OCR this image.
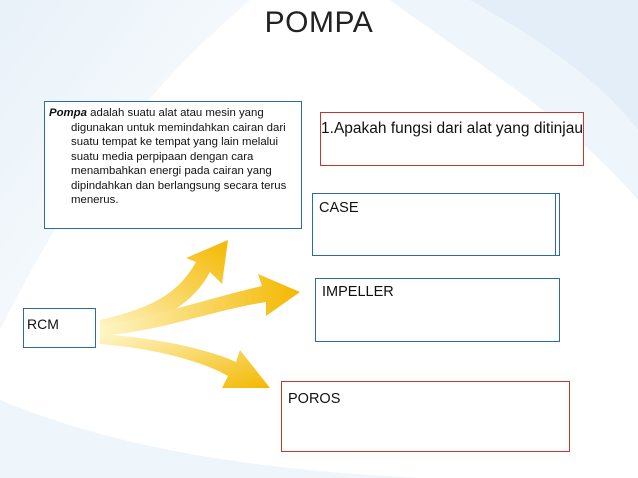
POMPA
Pompa adalah suatu alat atau mesin yang digunakan untuk memindahkan cairan dari suatu tempat ke tempat yang lain melalui suatu media perpipaan dengan cara menambahkan energi pada cairan yang dipindahkan dan berlangsung secara terus menerus.
1.Apakah fungsi dari alat yang ditinjau
CASE
IMPELLER
POROS
RCM
